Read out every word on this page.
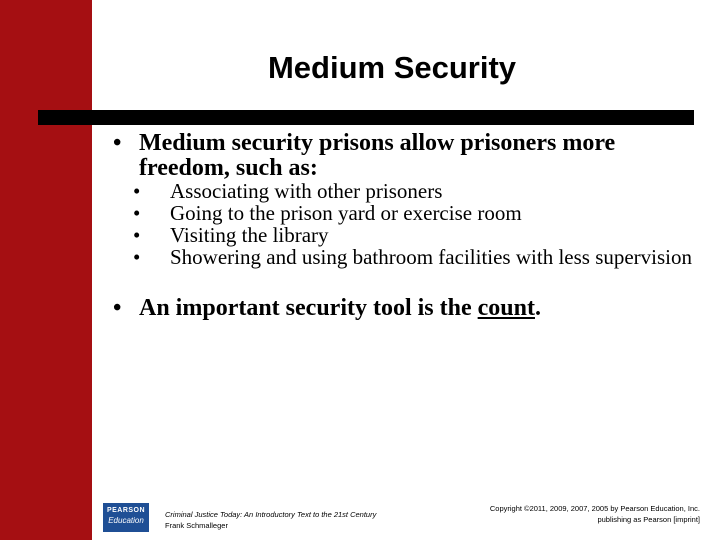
Medium Security
• Medium security prisons allow prisoners more freedom, such as:
• Associating with other prisoners
• Going to the prison yard or exercise room
• Visiting the library
• Showering and using bathroom facilities with less supervision
• An important security tool is the count.
PEARSON
Education
Criminal Justice Today: An Introductory Text to the 21st Century
Frank Schmalleger
Copyright ©2011, 2009, 2007, 2005 by Pearson Education, Inc.
publishing as Pearson [imprint]
